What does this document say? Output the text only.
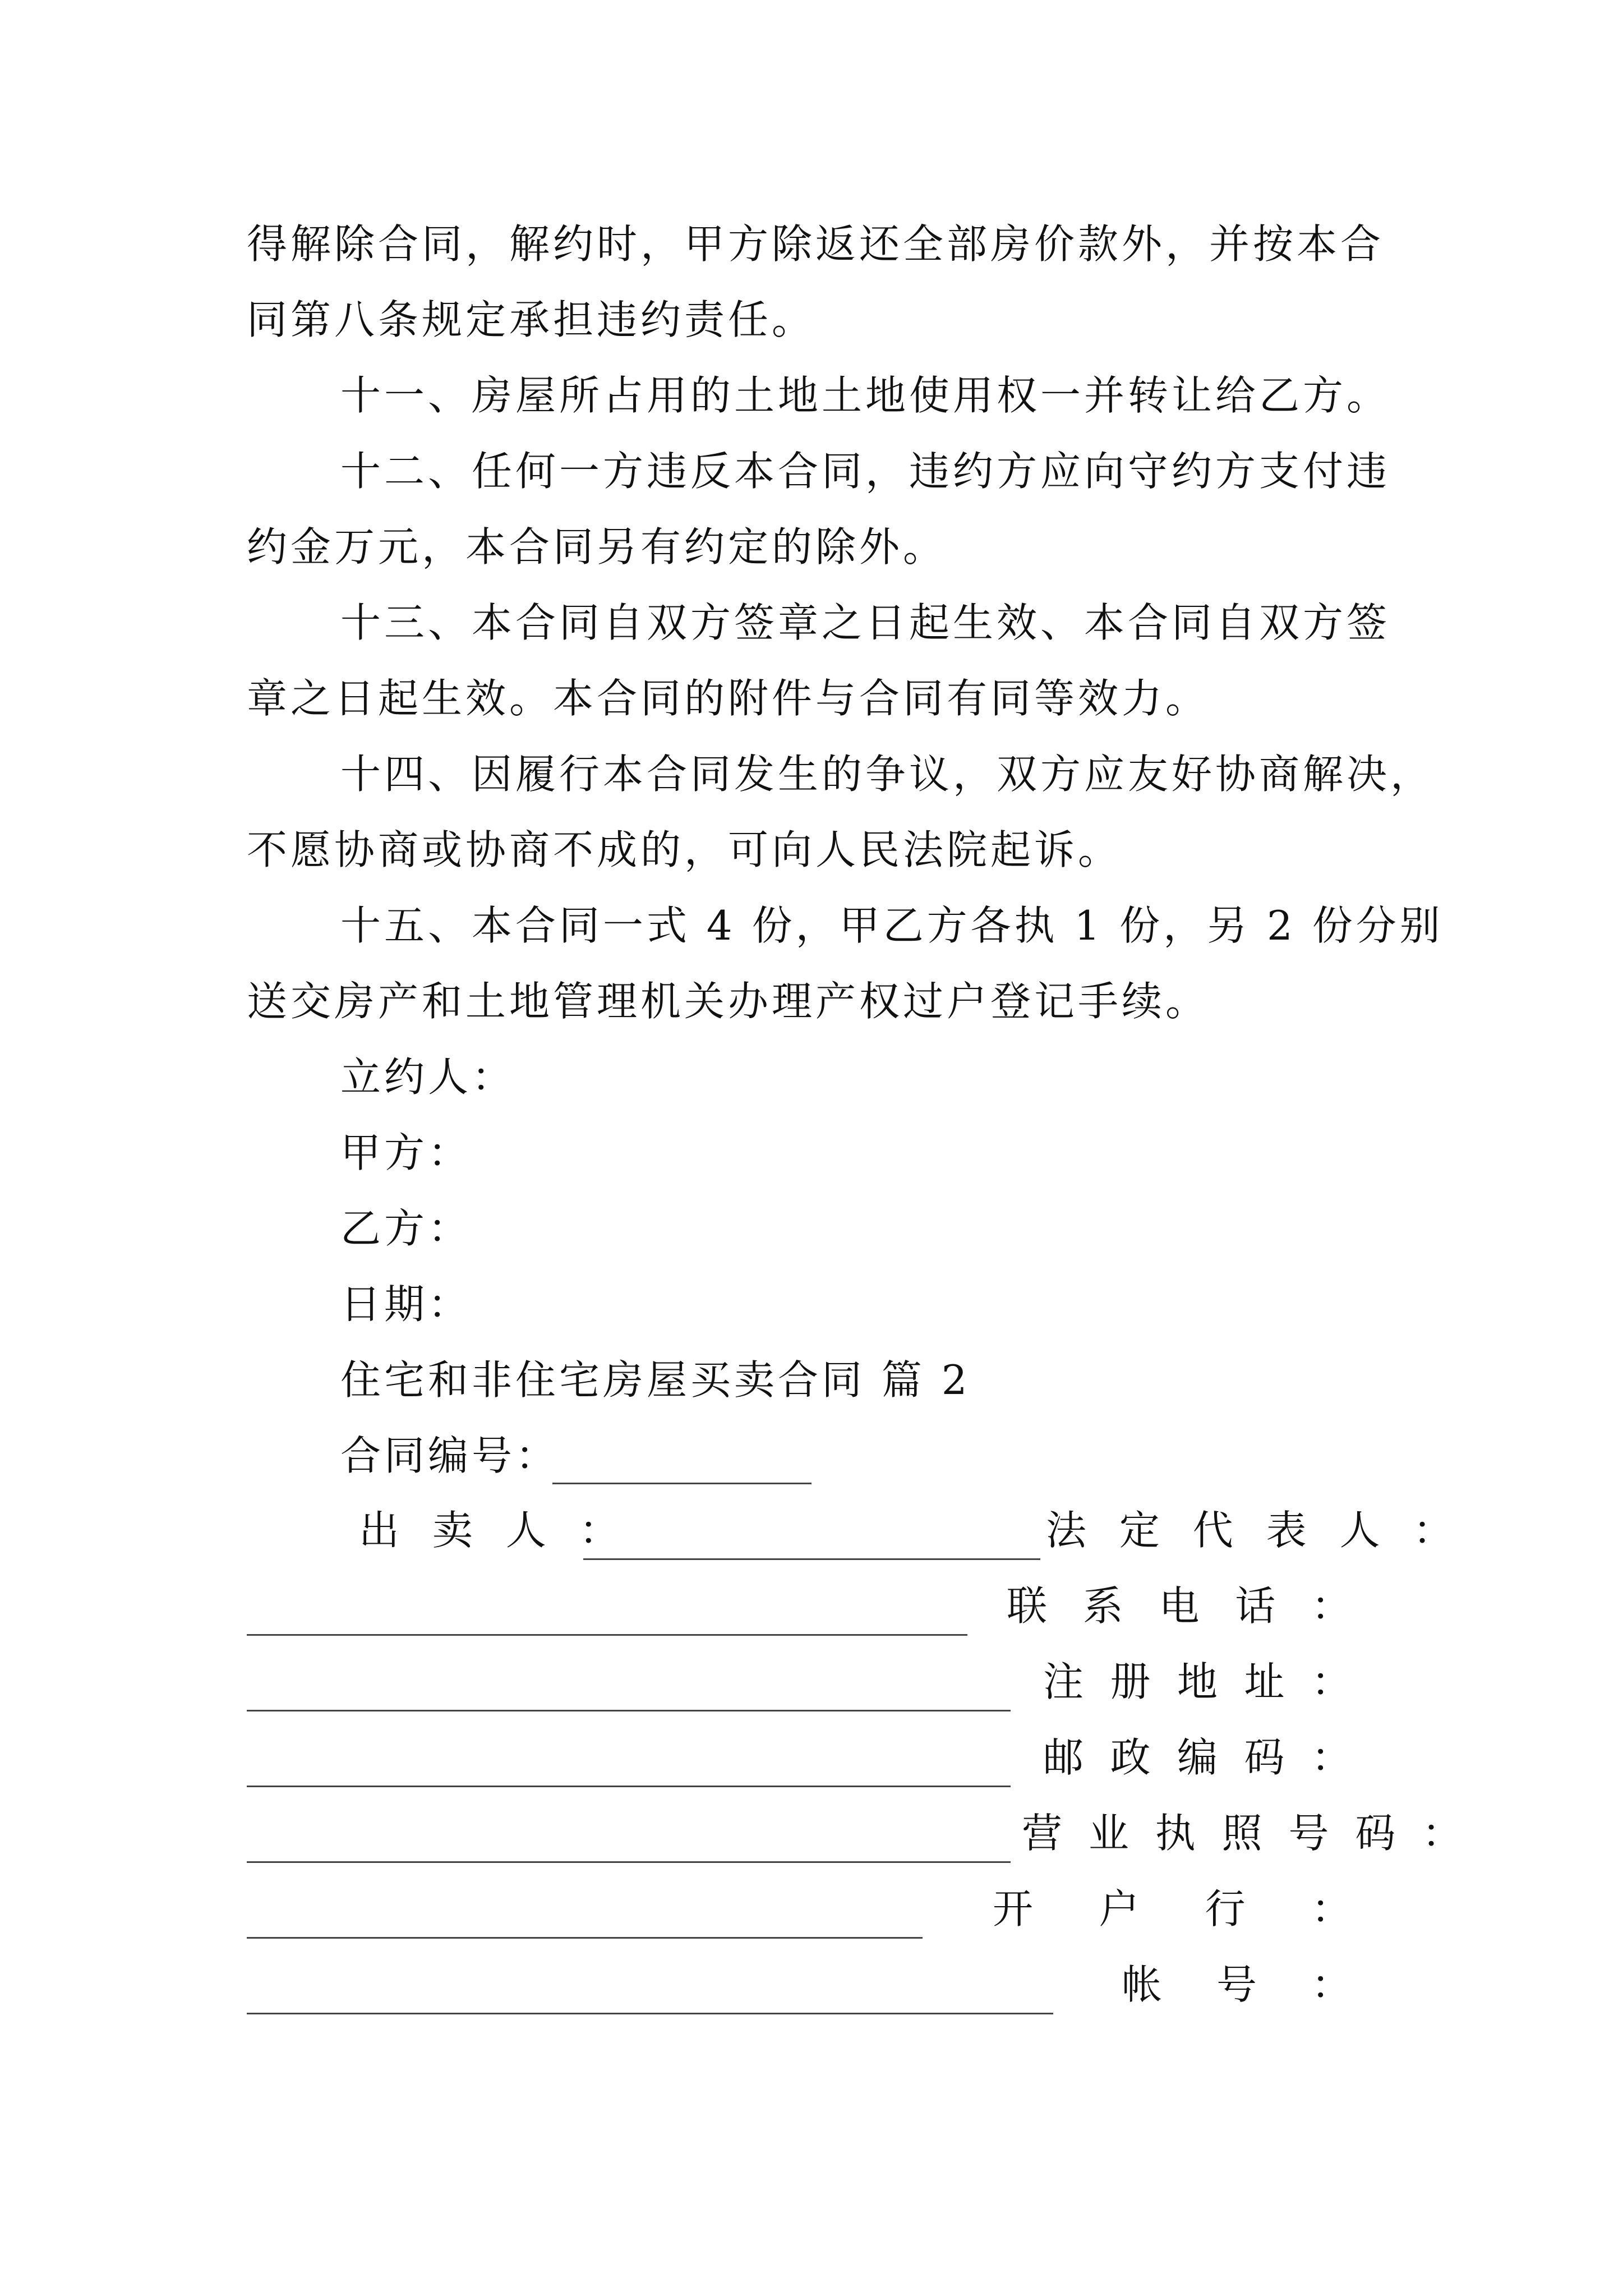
得解除合同，解约时，甲方除返还全部房价款外，并按本合
同第八条规定承担违约责任。
十一、房屋所占用的土地土地使用权一并转让给乙方。
十二、任何一方违反本合同，违约方应向守约方支付违
约金万元，本合同另有约定的除外。
十三、本合同自双方签章之日起生效、本合同自双方签
章之日起生效。本合同的附件与合同有同等效力。
十四、因履行本合同发生的争议，双方应友好协商解决，
不愿协商或协商不成的，可向人民法院起诉。
十五、本合同一式 4 份，甲乙方各执 1 份，另 2 份分别
送交房产和土地管理机关办理产权过户登记手续。
立约人：
甲方：
乙方：
日期：
住宅和非住宅房屋买卖合同 篇 2
合同编号：
出 卖 人 ：	法 定 代 表 人 ：
联 系 电 话 ：
注 册 地 址 ：
邮 政 编 码 ：
营 业 执 照 号 码 ：
开 户 行 ：
帐 号 ：
